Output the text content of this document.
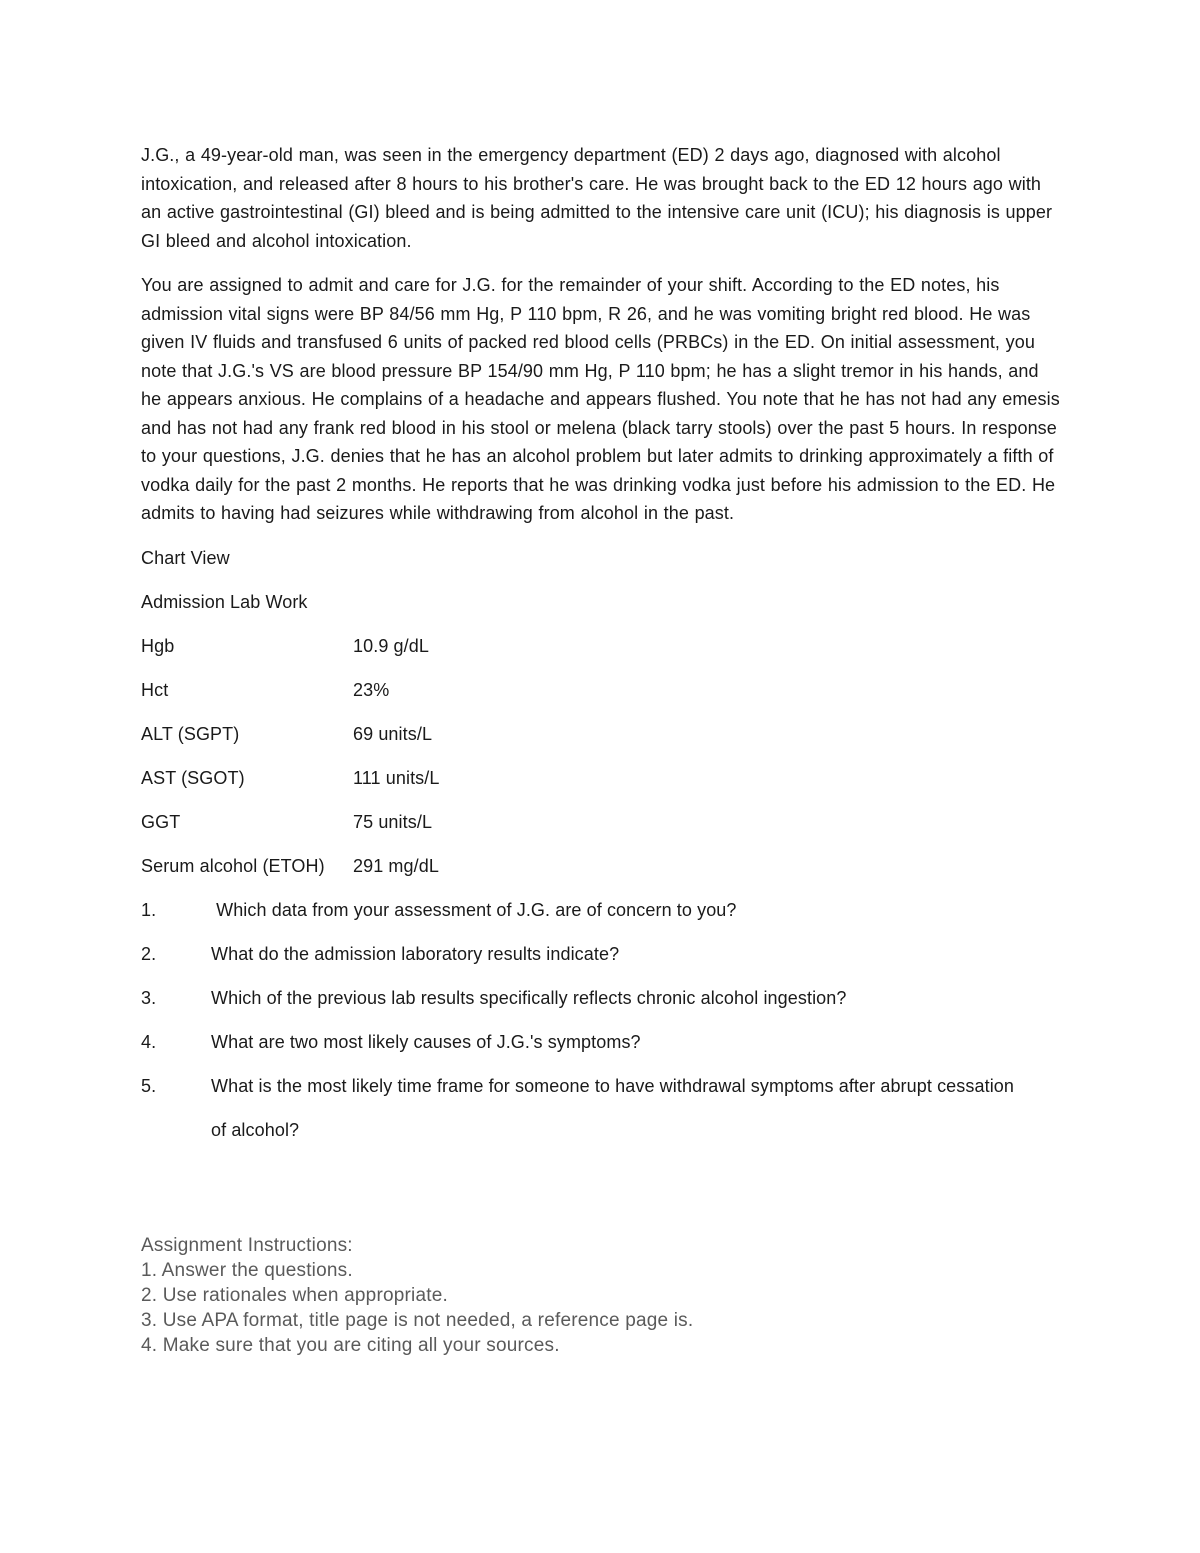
J.G., a 49-year-old man, was seen in the emergency department (ED) 2 days ago, diagnosed with alcohol intoxication, and released after 8 hours to his brother's care. He was brought back to the ED 12 hours ago with an active gastrointestinal (GI) bleed and is being admitted to the intensive care unit (ICU); his diagnosis is upper GI bleed and alcohol intoxication.

You are assigned to admit and care for J.G. for the remainder of your shift. According to the ED notes, his admission vital signs were BP 84/56 mm Hg, P 110 bpm, R 26, and he was vomiting bright red blood. He was given IV fluids and transfused 6 units of packed red blood cells (PRBCs) in the ED. On initial assessment, you note that J.G.'s VS are blood pressure BP 154/90 mm Hg, P 110 bpm; he has a slight tremor in his hands, and he appears anxious. He complains of a headache and appears flushed. You note that he has not had any emesis and has not had any frank red blood in his stool or melena (black tarry stools) over the past 5 hours. In response to your questions, J.G. denies that he has an alcohol problem but later admits to drinking approximately a fifth of vodka daily for the past 2 months. He reports that he was drinking vodka just before his admission to the ED. He admits to having had seizures while withdrawing from alcohol in the past.

Chart View

Admission Lab Work

Hgb	10.9 g/dL
Hct	23%
ALT (SGPT)	69 units/L
AST (SGOT)	111 units/L
GGT	75 units/L
Serum alcohol (ETOH)	291 mg/dL
1.	Which data from your assessment of J.G. are of concern to you?
2.	What do the admission laboratory results indicate?
3.	Which of the previous lab results specifically reflects chronic alcohol ingestion?
4.	What are two most likely causes of J.G.'s symptoms?
5.	What is the most likely time frame for someone to have withdrawal symptoms after abrupt cessation of alcohol?
Assignment Instructions:
1. Answer the questions.
2. Use rationales when appropriate.
3. Use APA format, title page is not needed, a reference page is.
4. Make sure that you are citing all your sources.
